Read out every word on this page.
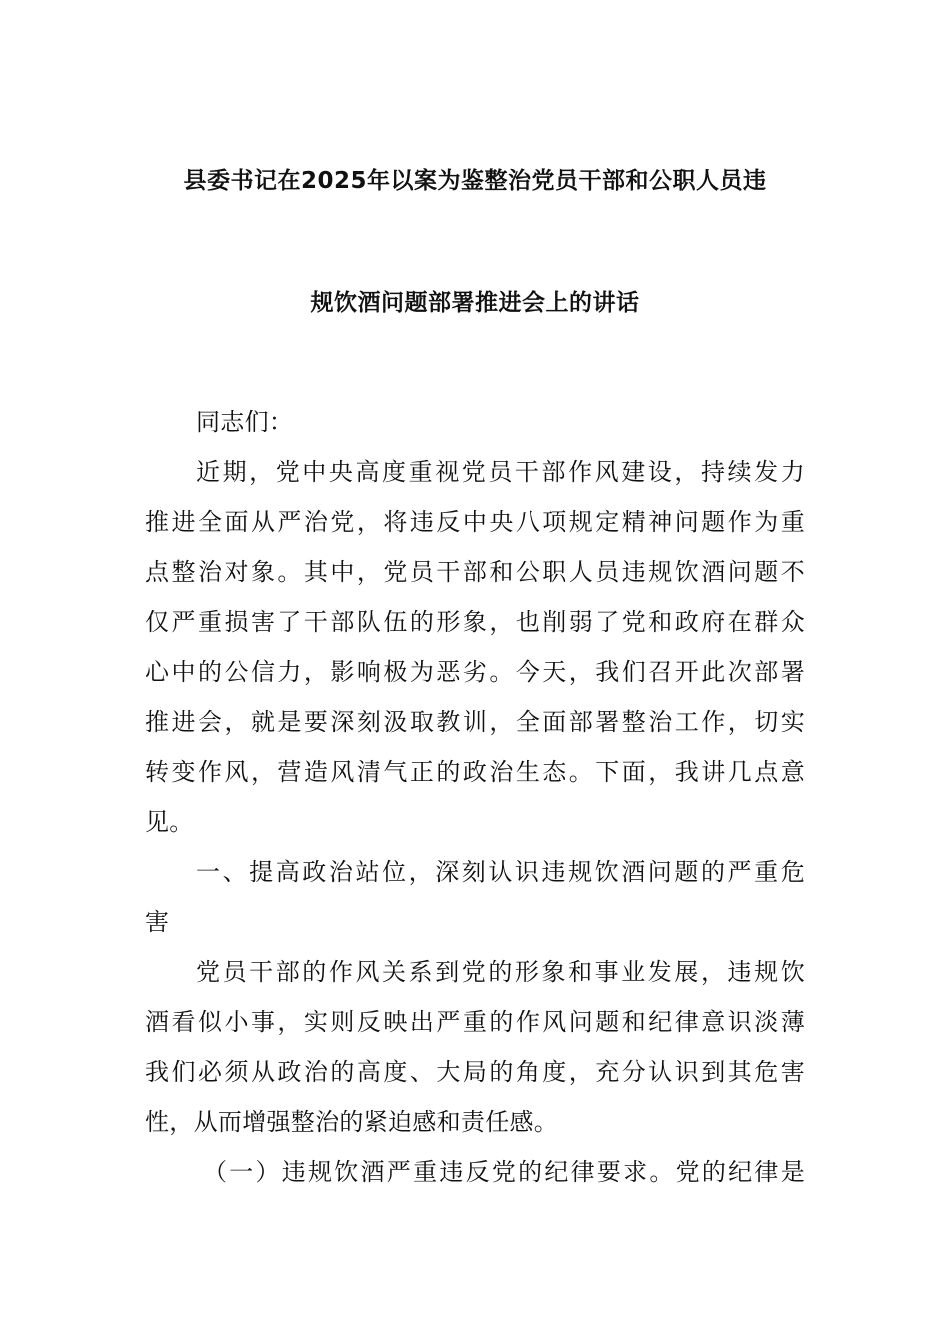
县委书记在2025年以案为鉴整治党员干部和公职人员违
规饮酒问题部署推进会上的讲话
同志们：
近期，党中央高度重视党员干部作风建设，持续发力
推进全面从严治党，将违反中央八项规定精神问题作为重
点整治对象。其中，党员干部和公职人员违规饮酒问题不
仅严重损害了干部队伍的形象，也削弱了党和政府在群众
心中的公信力，影响极为恶劣。今天，我们召开此次部署
推进会，就是要深刻汲取教训，全面部署整治工作，切实
转变作风，营造风清气正的政治生态。下面，我讲几点意
见。
一、提高政治站位，深刻认识违规饮酒问题的严重危
害
党员干部的作风关系到党的形象和事业发展，违规饮
酒看似小事，实则反映出严重的作风问题和纪律意识淡薄
我们必须从政治的高度、大局的角度，充分认识到其危害
性，从而增强整治的紧迫感和责任感。
（一）违规饮酒严重违反党的纪律要求。党的纪律是
